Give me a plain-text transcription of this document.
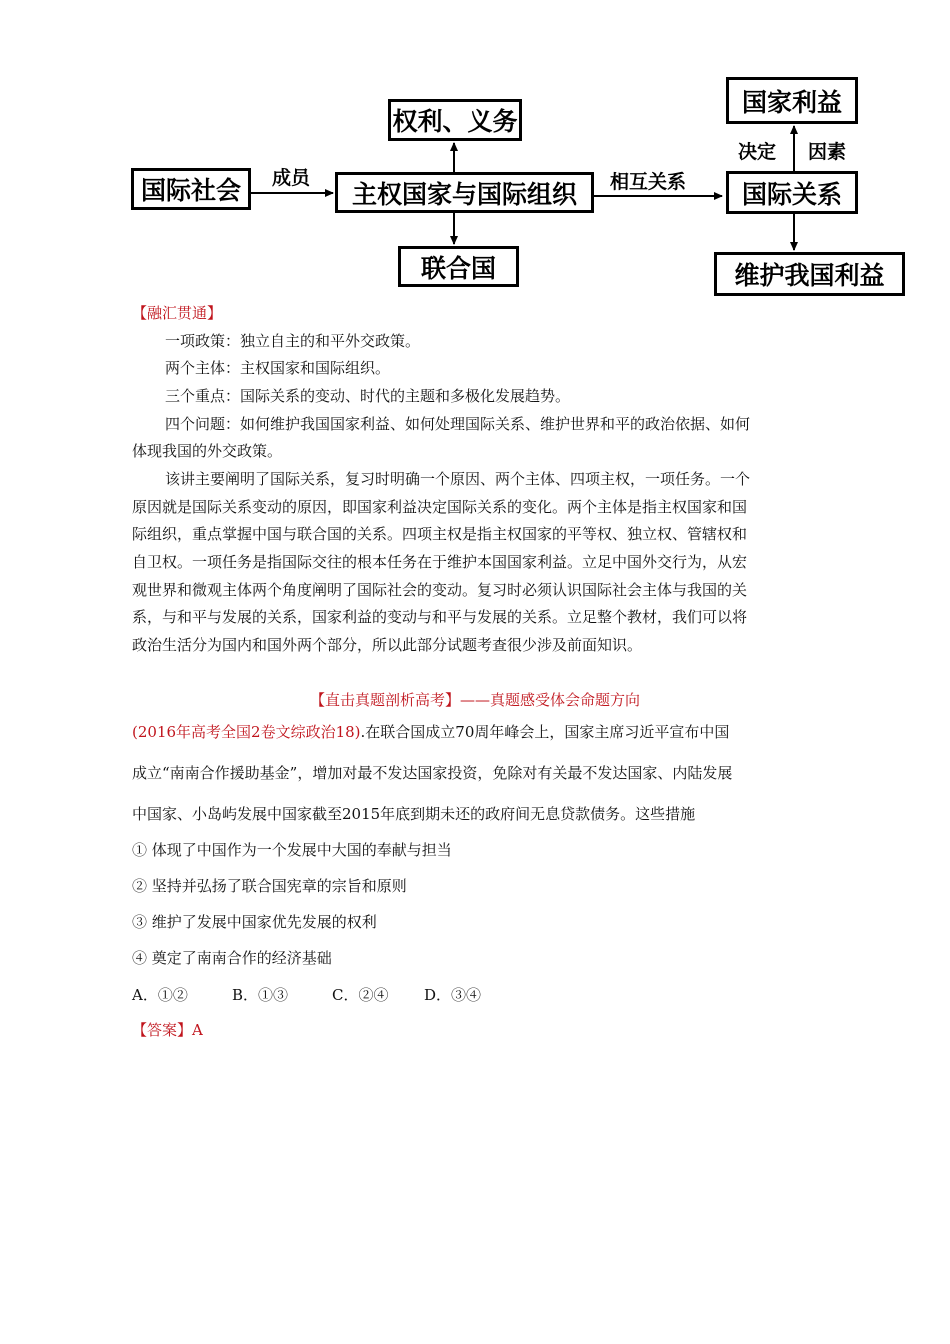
国际社会	主权国家与国际组织
权利、义务
联合国
国家利益
国际关系
维护我国利益
成员	相互关系
决定 因素
【融汇贯通】
一项政策：独立自主的和平外交政策。
两个主体：主权国家和国际组织。
三个重点：国际关系的变动、时代的主题和多极化发展趋势。
四个问题：如何维护我国国家利益、如何处理国际关系、维护世界和平的政治依据、如何
体现我国的外交政策。
该讲主要阐明了国际关系，复习时明确一个原因、两个主体、四项主权，一项任务。一个
原因就是国际关系变动的原因，即国家利益决定国际关系的变化。两个主体是指主权国家和国
际组织，重点掌握中国与联合国的关系。四项主权是指主权国家的平等权、独立权、管辖权和
自卫权。一项任务是指国际交往的根本任务在于维护本国国家利益。立足中国外交行为，从宏
观世界和微观主体两个角度阐明了国际社会的变动。复习时必须认识国际社会主体与我国的关
系，与和平与发展的关系，国家利益的变动与和平与发展的关系。立足整个教材，我们可以将
政治生活分为国内和国外两个部分，所以此部分试题考查很少涉及前面知识。
【直击真题剖析高考】——真题感受体会命题方向
(2016年高考全国2卷文综政治18).在联合国成立70周年峰会上，国家主席习近平宣布中国
成立“南南合作援助基金”，增加对最不发达国家投资，免除对有关最不发达国家、内陆发展
中国家、小岛屿发展中国家截至2015年底到期未还的政府间无息贷款债务。这些措施
① 体现了中国作为一个发展中大国的奉献与担当
② 坚持并弘扬了联合国宪章的宗旨和原则
③ 维护了发展中国家优先发展的权利
④ 奠定了南南合作的经济基础
A．①②	B．①③	C．②④ D．③④
【答案】A
